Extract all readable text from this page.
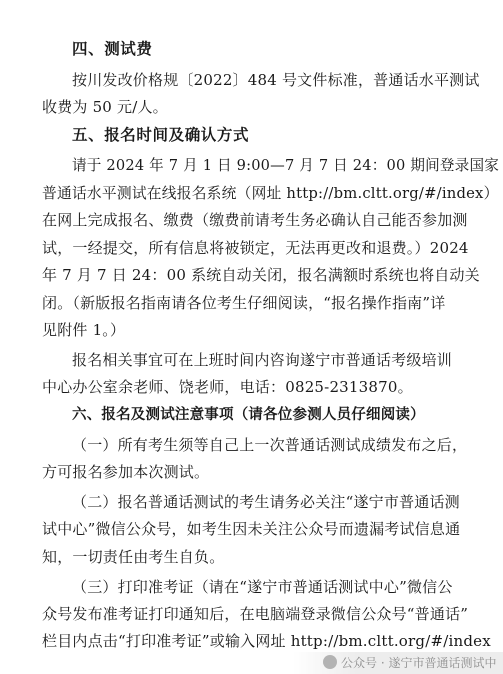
四、测试费
按川发改价格规〔2022〕484 号文件标准，普通话水平测试
收费为 50 元/人。
五、报名时间及确认方式
请于 2024 年 7 月 1 日 9:00—7 月 7 日 24：00 期间登录国家
普通话水平测试在线报名系统（网址 http://bm.cltt.org/#/index）
在网上完成报名、缴费（缴费前请考生务必确认自己能否参加测
试，一经提交，所有信息将被锁定，无法再更改和退费。）2024
年 7 月 7 日 24：00 系统自动关闭，报名满额时系统也将自动关
闭。（新版报名指南请各位考生仔细阅读，“报名操作指南”详
见附件 1。）
报名相关事宜可在上班时间内咨询遂宁市普通话考级培训
中心办公室余老师、饶老师，电话：0825-2313870。
六、报名及测试注意事项（请各位参测人员仔细阅读）
（一）所有考生须等自己上一次普通话测试成绩发布之后，
方可报名参加本次测试。
（二）报名普通话测试的考生请务必关注“遂宁市普通话测
试中心”微信公众号，如考生因未关注公众号而遗漏考试信息通
知，一切责任由考生自负。
（三）打印准考证（请在“遂宁市普通话测试中心”微信公
众号发布准考证打印通知后，在电脑端登录微信公众号“普通话”
栏目内点击“打印准考证”或输入网址 http://bm.cltt.org/#/index
公众号 · 遂宁市普通话测试中
